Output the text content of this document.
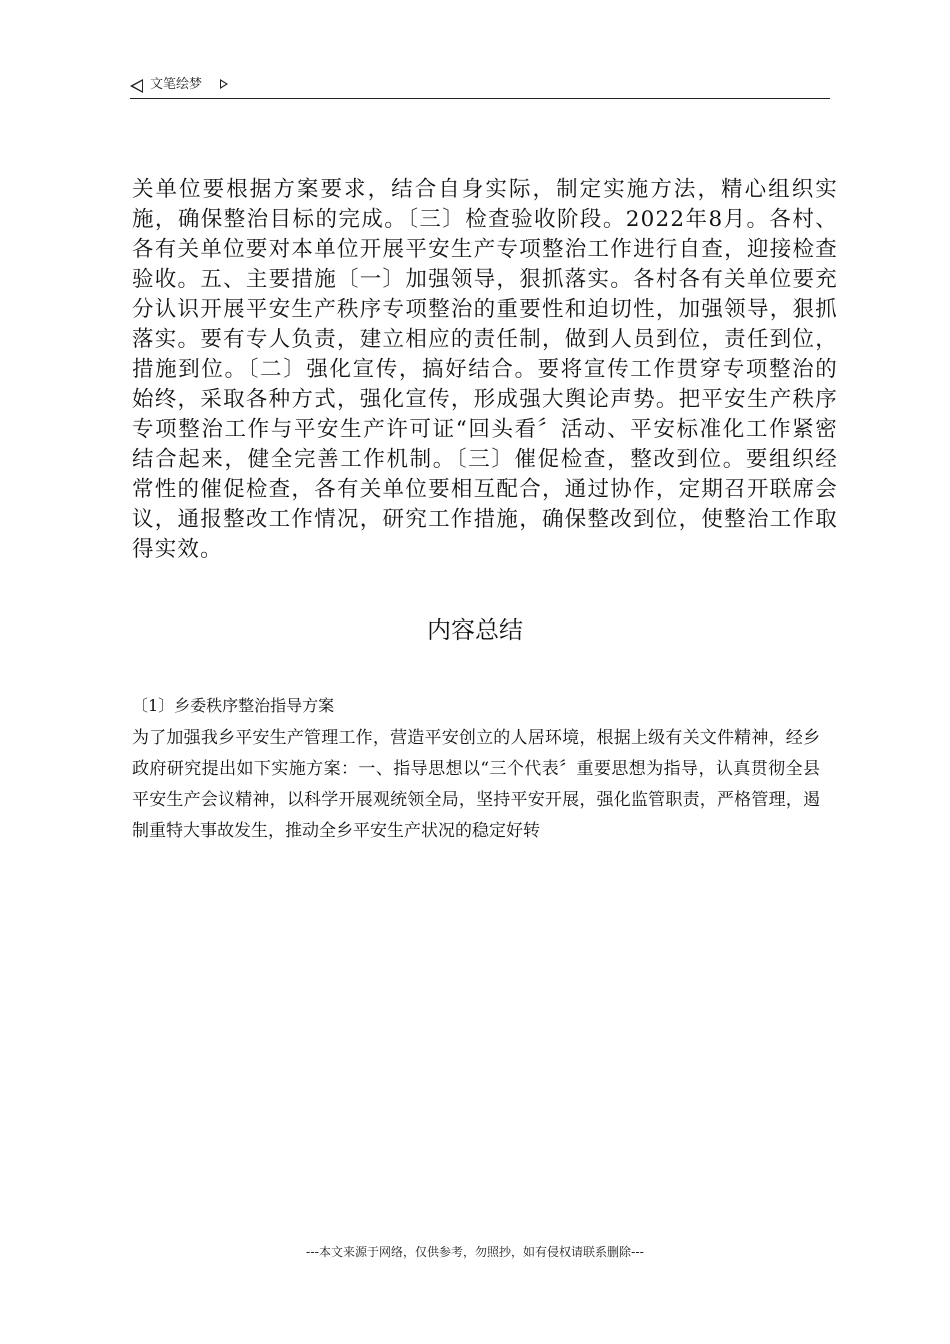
文笔绘梦

关单位要根据方案要求，结合自身实际，制定实施方法，精心组织实施，确保整治目标的完成。〔三〕检查验收阶段。2022年8月。各村、各有关单位要对本单位开展平安生产专项整治工作进行自查，迎接检查验收。五、主要措施〔一〕加强领导，狠抓落实。各村各有关单位要充分认识开展平安生产秩序专项整治的重要性和迫切性，加强领导，狠抓落实。要有专人负责，建立相应的责任制，做到人员到位，责任到位，措施到位。〔二〕强化宣传，搞好结合。要将宣传工作贯穿专项整治的始终，采取各种方式，强化宣传，形成强大舆论声势。把平安生产秩序专项整治工作与平安生产许可证“回头看〞活动、平安标准化工作紧密结合起来，健全完善工作机制。〔三〕催促检查，整改到位。要组织经常性的催促检查，各有关单位要相互配合，通过协作，定期召开联席会议，通报整改工作情况，研究工作措施，确保整改到位，使整治工作取得实效。

内容总结
〔1〕乡委秩序整治指导方案

为了加强我乡平安生产管理工作，营造平安创立的人居环境，根据上级有关文件精神，经乡政府研究提出如下实施方案：一、指导思想以“三个代表〞重要思想为指导，认真贯彻全县平安生产会议精神，以科学开展观统领全局，坚持平安开展，强化监管职责，严格管理，遏制重特大事故发生，推动全乡平安生产状况的稳定好转

---本文来源于网络，仅供参考，勿照抄，如有侵权请联系删除---
